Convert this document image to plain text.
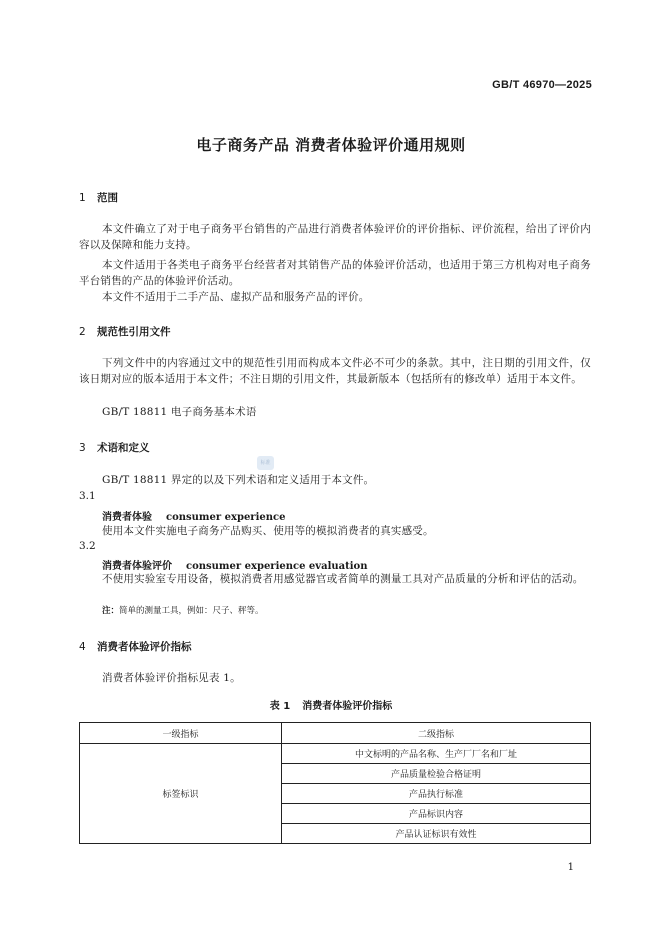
GB/T 46970—2025
电子商务产品 消费者体验评价通用规则
1 范围
本文件确立了对于电子商务平台销售的产品进行消费者体验评价的评价指标、评价流程，给出了评价内容以及保障和能力支持。
本文件适用于各类电子商务平台经营者对其销售产品的体验评价活动，也适用于第三方机构对电子商务平台销售的产品的体验评价活动。
本文件不适用于二手产品、虚拟产品和服务产品的评价。
2 规范性引用文件
下列文件中的内容通过文中的规范性引用而构成本文件必不可少的条款。其中，注日期的引用文件，仅该日期对应的版本适用于本文件；不注日期的引用文件，其最新版本（包括所有的修改单）适用于本文件。
GB/T 18811 电子商务基本术语
3 术语和定义
标准
GB/T 18811 界定的以及下列术语和定义适用于本文件。
3.1
消费者体验 consumer experience
使用本文件实施电子商务产品购买、使用等的模拟消费者的真实感受。
3.2
消费者体验评价 consumer experience evaluation
不使用实验室专用设备，模拟消费者用感觉器官或者简单的测量工具对产品质量的分析和评估的活动。
注：简单的测量工具，例如：尺子、秤等。
4 消费者体验评价指标
消费者体验评价指标见表 1。
表 1 消费者体验评价指标
一级指标	二级指标
标签标识	中文标明的产品名称、生产厂厂名和厂址
	产品质量检验合格证明
	产品执行标准
	产品标识内容
	产品认证标识有效性
1
